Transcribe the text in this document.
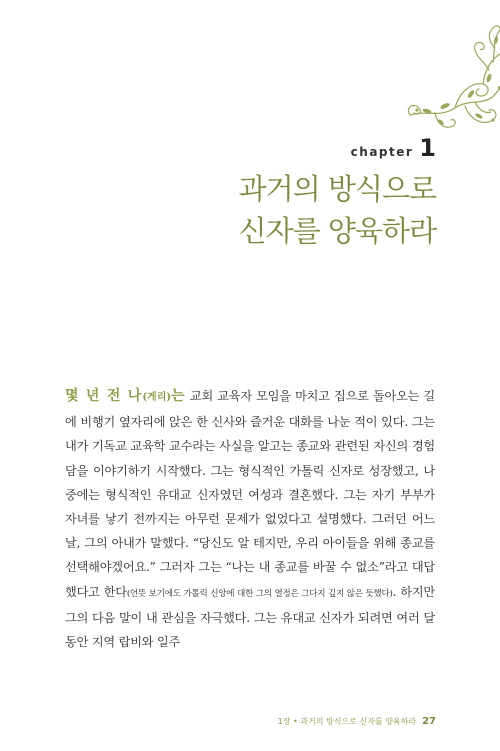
chapter 1
과거의 방식으로
신자를 양육하라

몇 년 전 나(게리)는 교회 교육자 모임을 마치고 집으로 돌아오는 길에 비행기 옆자리에 앉은 한 신사와 즐거운 대화를 나눈 적이 있다. 그는 내가 기독교 교육학 교수라는 사실을 알고는 종교와 관련된 자신의 경험담을 이야기하기 시작했다. 그는 형식적인 가톨릭 신자로 성장했고, 나중에는 형식적인 유대교 신자였던 여성과 결혼했다. 그는 자기 부부가 자녀를 낳기 전까지는 아무런 문제가 없었다고 설명했다. 그러던 어느 날, 그의 아내가 말했다. “당신도 알 테지만, 우리 아이들을 위해 종교를 선택해야겠어요.” 그러자 그는 “나는 내 종교를 바꿀 수 없소”라고 대답했다고 한다(언뜻 보기에도 가톨릭 신앙에 대한 그의 열정은 그다지 깊지 않은 듯했다). 하지만 그의 다음 말이 내 관심을 자극했다. 그는 유대교 신자가 되려면 여러 달 동안 지역 랍비와 일주

1장 • 과거의 방식으로 신자를 양육하라 27
